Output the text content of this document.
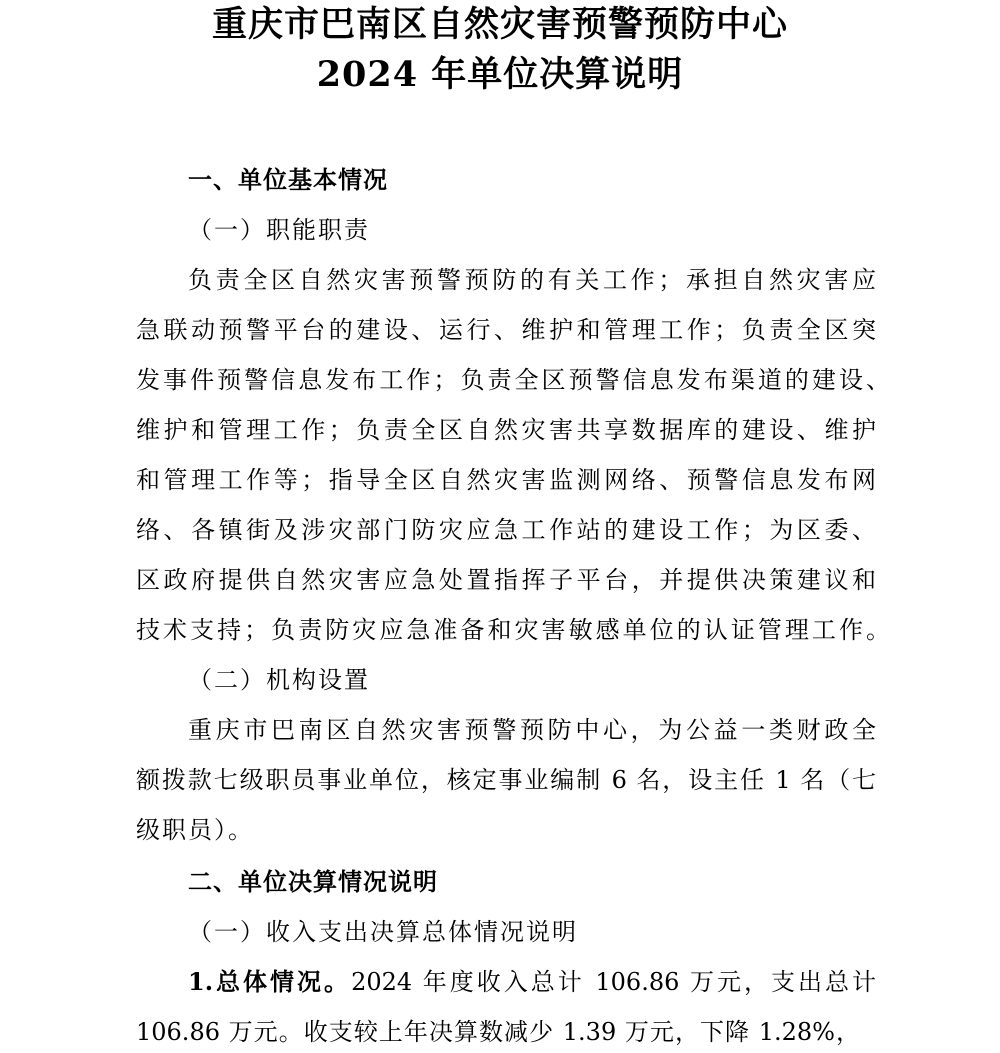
重庆市巴南区自然灾害预警预防中心
2024 年单位决算说明
一、单位基本情况
（一）职能职责
负责全区自然灾害预警预防的有关工作；承担自然灾害应
急联动预警平台的建设、运行、维护和管理工作；负责全区突
发事件预警信息发布工作；负责全区预警信息发布渠道的建设、
维护和管理工作；负责全区自然灾害共享数据库的建设、维护
和管理工作等；指导全区自然灾害监测网络、预警信息发布网
络、各镇街及涉灾部门防灾应急工作站的建设工作；为区委、
区政府提供自然灾害应急处置指挥子平台，并提供决策建议和
技术支持；负责防灾应急准备和灾害敏感单位的认证管理工作。
（二）机构设置
重庆市巴南区自然灾害预警预防中心，为公益一类财政全
额拨款七级职员事业单位，核定事业编制 6 名，设主任 1 名（七
级职员）。
二、单位决算情况说明
（一）收入支出决算总体情况说明
1.总体情况。2024 年度收入总计 106.86 万元，支出总计
106.86 万元。收支较上年决算数减少 1.39 万元，下降 1.28%，
